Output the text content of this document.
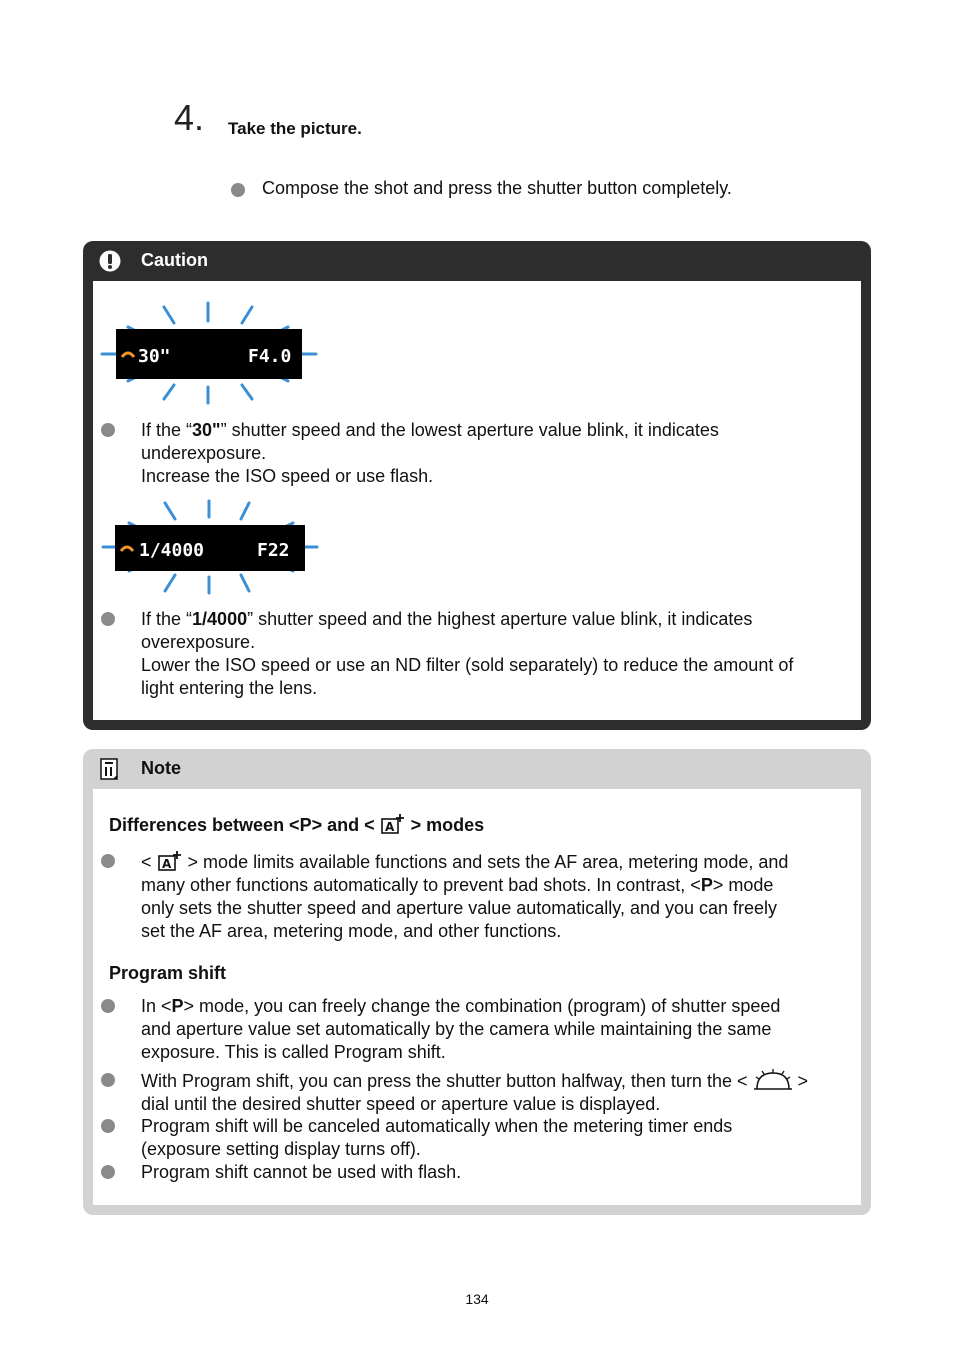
4. Take the picture.
Compose the shot and press the shutter button completely.
Caution
30"	F4.0
If the “30"” shutter speed and the lowest aperture value blink, it indicates
underexposure.
Increase the ISO speed or use flash.
1/4000	F22
If the “1/4000” shutter speed and the highest aperture value blink, it indicates
overexposure.
Lower the ISO speed or use an ND filter (sold separately) to reduce the amount of
light entering the lens.
Note
Differences between <P> and < A > modes
< A > mode limits available functions and sets the AF area, metering mode, and
many other functions automatically to prevent bad shots. In contrast, <P> mode
only sets the shutter speed and aperture value automatically, and you can freely
set the AF area, metering mode, and other functions.
Program shift
In <P> mode, you can freely change the combination (program) of shutter speed
and aperture value set automatically by the camera while maintaining the same
exposure. This is called Program shift.
With Program shift, you can press the shutter button halfway, then turn the <	>
dial until the desired shutter speed or aperture value is displayed.
Program shift will be canceled automatically when the metering timer ends
(exposure setting display turns off).
Program shift cannot be used with flash.
134
